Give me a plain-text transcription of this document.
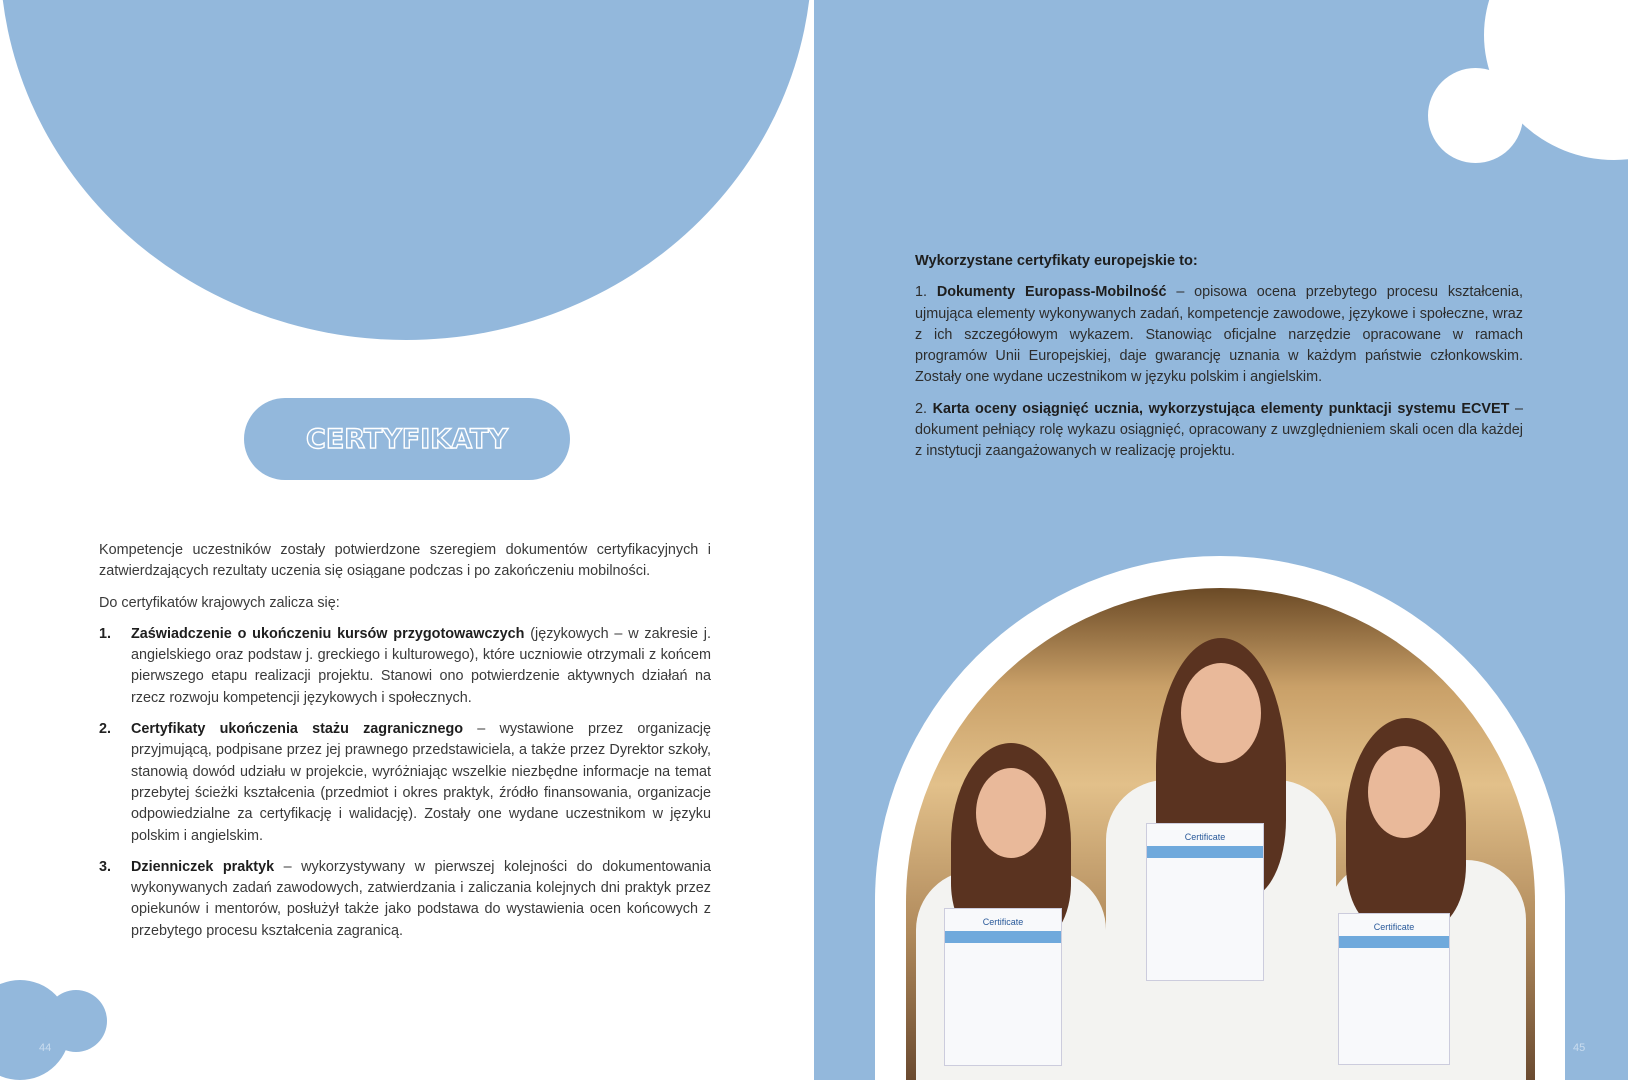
CERTYFIKATY

Kompetencje uczestników zostały potwierdzone szeregiem dokumentów certyfikacyjnych i zatwierdzających rezultaty uczenia się osiągane podczas i po zakończeniu mobilności.

Do certyfikatów krajowych zalicza się:

1. Zaświadczenie o ukończeniu kursów przygotowawczych (językowych – w zakresie j. angielskiego oraz podstaw j. greckiego i kulturowego), które uczniowie otrzymali z końcem pierwszego etapu realizacji projektu. Stanowi ono potwierdzenie aktywnych działań na rzecz rozwoju kompetencji językowych i społecznych.
2. Certyfikaty ukończenia stażu zagranicznego – wystawione przez organizację przyjmującą, podpisane przez jej prawnego przedstawiciela, a także przez Dyrektor szkoły, stanowią dowód udziału w projekcie, wyróżniając wszelkie niezbędne informacje na temat przebytej ścieżki kształcenia (przedmiot i okres praktyk, źródło finansowania, organizacje odpowiedzialne za certyfikację i walidację). Zostały one wydane uczestnikom w języku polskim i angielskim.
3. Dzienniczek praktyk – wykorzystywany w pierwszej kolejności do dokumentowania wykonywanych zadań zawodowych, zatwierdzania i zaliczania kolejnych dni praktyk przez opiekunów i mentorów, posłużył także jako podstawa do wystawienia ocen końcowych z przebytego procesu kształcenia zagranicą.
44
Wykorzystane certyfikaty europejskie to:

1. Dokumenty Europass-Mobilność – opisowa ocena przebytego procesu kształcenia, ujmująca elementy wykonywanych zadań, kompetencje zawodowe, językowe i społeczne, wraz z ich szczegółowym wykazem. Stanowiąc oficjalne narzędzie opracowane w ramach programów Unii Europejskiej, daje gwarancję uznania w każdym państwie członkowskim. Zostały one wydane uczestnikom w języku polskim i angielskim.

2. Karta oceny osiągnięć ucznia, wykorzystująca elementy punktacji systemu ECVET – dokument pełniący rolę wykazu osiągnięć, opracowany z uwzględnieniem skali ocen dla każdej z instytucji zaangażowanych w realizację projektu.

Certificate
Certificate
Certificate
45
